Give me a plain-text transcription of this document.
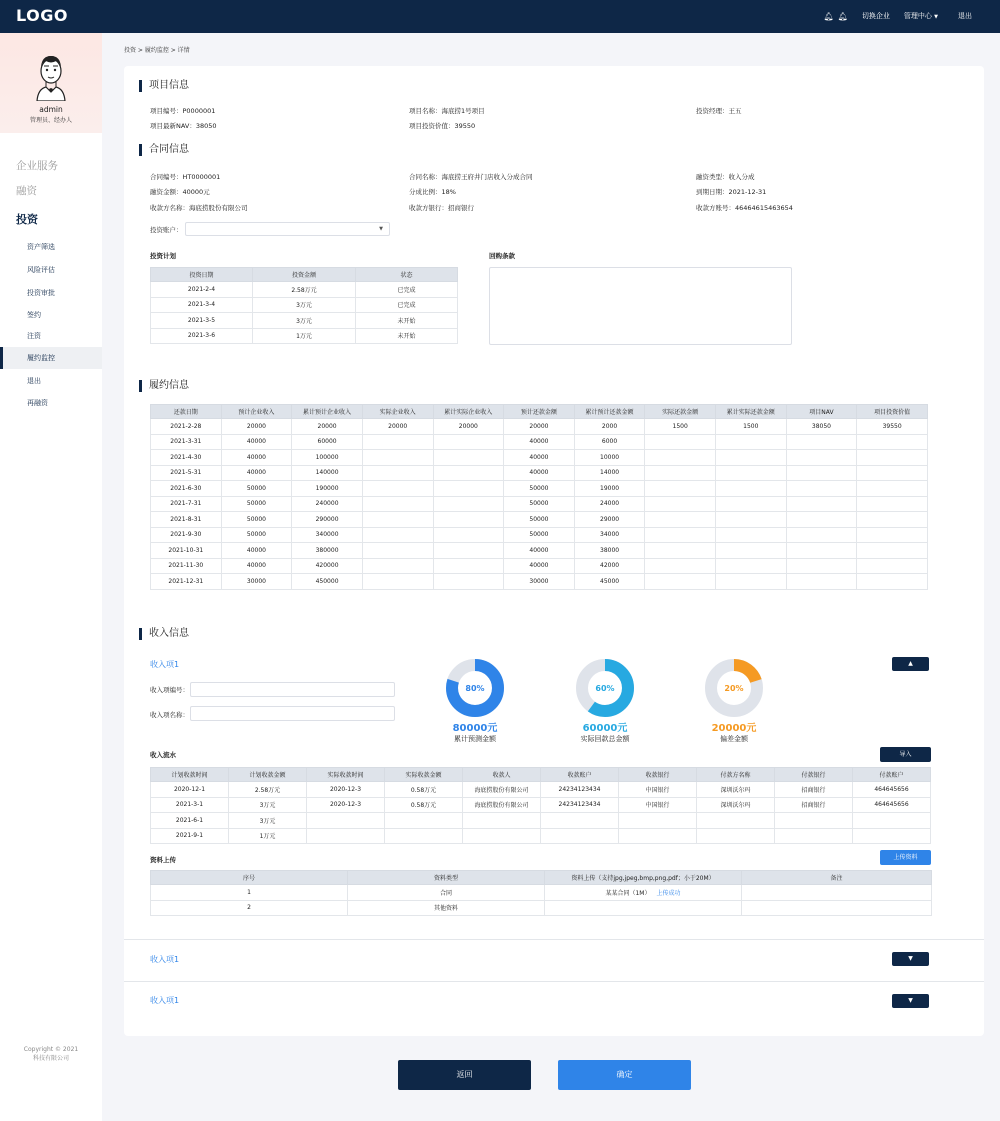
LOGO	🔔︎ 🔔︎ 切换企业 管理中心 ▼	退出
admin
管理员、经办人
企业服务
融资
投资
资产筛选
风险评估
投资审批
签约
注资
履约监控
退出
再融资
Copyright © 2021
科技有限公司
投资 > 履约监控 > 详情
项目信息
项目编号：P0000001	项目名称：海底捞1号项目	投资经理：王五
项目最新NAV：38050	项目投资价值：39550
合同信息
合同编号：HT0000001	合同名称：海底捞王府井门店收入分成合同	融资类型：收入分成
融资金额：40000元	分成比例：18%	到期日期：2021-12-31
收款方名称：海底捞股份有限公司	收款方银行：招商银行	收款方账号：46464615463654
投资账户：	▼
投资计划	回购条款
投资日期	投资金额	状态
2021-2-4	2.58万元	已完成
2021-3-4	3万元	已完成
2021-3-5	3万元	未开始
2021-3-6	1万元	未开始
履约信息
还款日期	预计企业收入	累计预计企业收入	实际企业收入	累计实际企业收入	预计还款金额	累计预计还款金额	实际还款金额	累计实际还款金额	项目NAV	项目投资价值
2021-2-28	20000	20000	20000	20000	20000	2000	1500	1500	38050	39550
2021-3-31	40000	60000			40000	6000				
2021-4-30	40000	100000			40000	10000				
2021-5-31	40000	140000			40000	14000				
2021-6-30	50000	190000			50000	19000				
2021-7-31	50000	240000			50000	24000				
2021-8-31	50000	290000			50000	29000				
2021-9-30	50000	340000			50000	34000				
2021-10-31	40000	380000			40000	38000				
2021-11-30	40000	420000			40000	42000				
2021-12-31	30000	450000			30000	45000				
收入信息
收入项1	▲
收入项编号：
收入项名称：
80%
80000元
累计预测金额
60%
60000元
实际回款总金额
20%
20000元
偏差金额
收入流水	导入
计划收款时间	计划收款金额	实际收款时间	实际收款金额	收款人	收款账户	收款银行	付款方名称	付款银行	付款账户
2020-12-1	2.58万元	2020-12-3	0.58万元	海底捞股份有限公司	24234123434	中国银行	深圳沃尔玛	招商银行	464645656
2021-3-1	3万元	2020-12-3	0.58万元	海底捞股份有限公司	24234123434	中国银行	深圳沃尔玛	招商银行	464645656
2021-6-1	3万元								
2021-9-1	1万元								
资料上传	上传资料
序号	资料类型	资料上传（支持jpg,jpeg,bmp,png,pdf；小于20M）	备注
1	合同	某某合同（1M） 上传成功	
2	其他资料		
收入项1	▼
收入项1	▼
返回	确定
